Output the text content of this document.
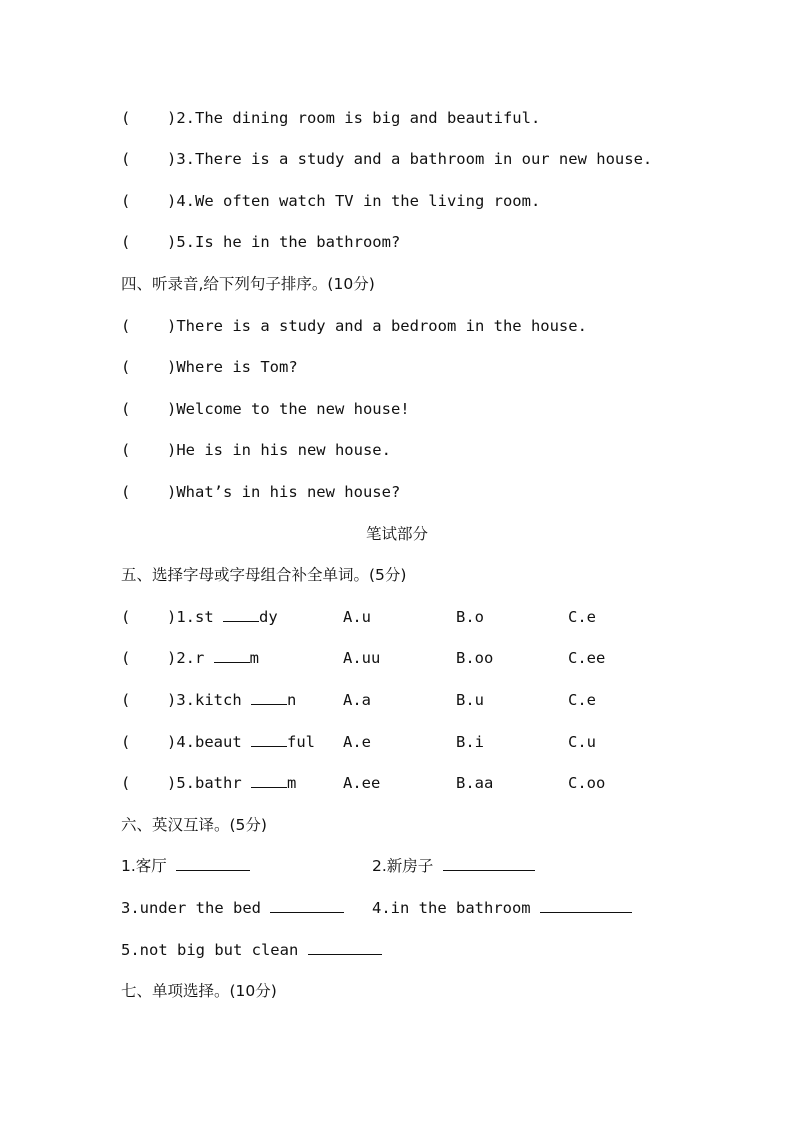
( )2.The dining room is big and beautiful.
( )3.There is a study and a bathroom in our new house.
( )4.We often watch TV in the living room.
( )5.Is he in the bathroom?
四、听录音,给下列句子排序。(10分)
( )There is a study and a bedroom in the house.
( )Where is Tom?
( )Welcome to the new house!
( )He is in his new house.
( )What’s in his new house?
笔试部分
五、选择字母或字母组合补全单词。(5分)
( )1.st dy	A.u	B.o	C.e
( )2.r m	A.uu	B.oo	C.ee
( )3.kitch n	A.a	B.u	C.e
( )4.beaut ful A.e	B.i	C.u
( )5.bathr m	A.ee	B.aa	C.oo
六、英汉互译。(5分)
1.客厅	2.新房子
3.under the bed	4.in the bathroom
5.not big but clean
七、单项选择。(10分)
